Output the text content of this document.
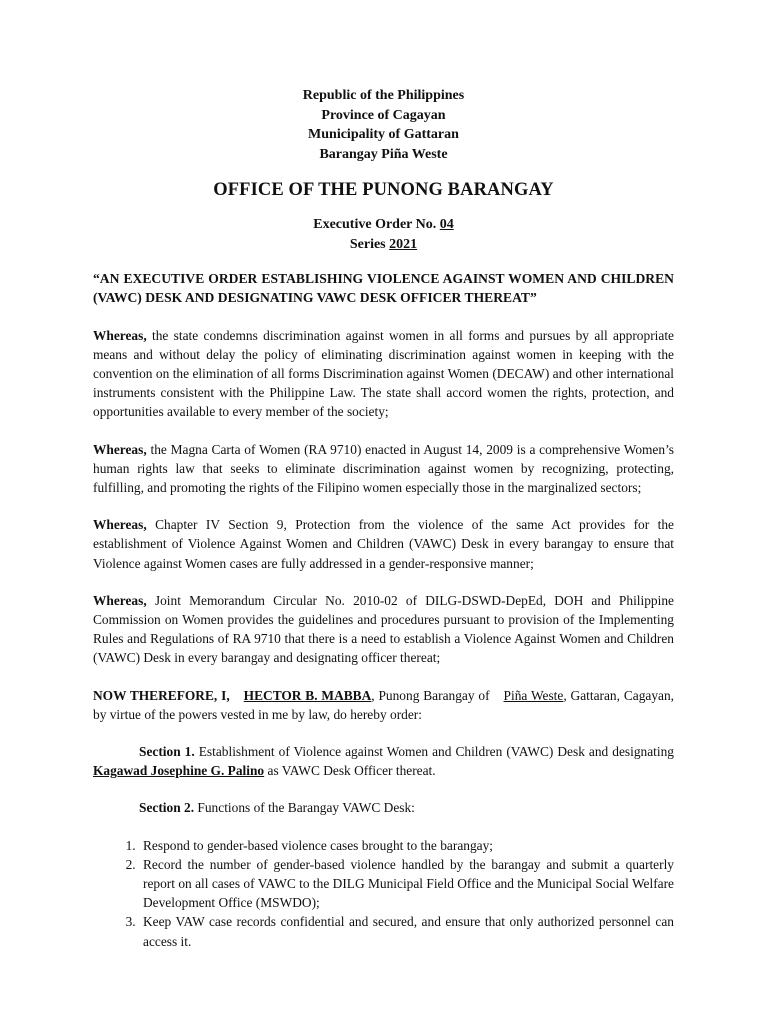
Republic of the Philippines
Province of Cagayan
Municipality of Gattaran
Barangay Piña Weste
OFFICE OF THE PUNONG BARANGAY
Executive Order No. 04
Series 2021

“AN EXECUTIVE ORDER ESTABLISHING VIOLENCE AGAINST WOMEN AND CHILDREN (VAWC) DESK AND DESIGNATING VAWC DESK OFFICER THEREAT”

Whereas, the state condemns discrimination against women in all forms and pursues by all appropriate means and without delay the policy of eliminating discrimination against women in keeping with the convention on the elimination of all forms Discrimination against Women (DECAW) and other international instruments consistent with the Philippine Law. The state shall accord women the rights, protection, and opportunities available to every member of the society;

Whereas, the Magna Carta of Women (RA 9710) enacted in August 14, 2009 is a comprehensive Women’s human rights law that seeks to eliminate discrimination against women by recognizing, protecting, fulfilling, and promoting the rights of the Filipino women especially those in the marginalized sectors;

Whereas, Chapter IV Section 9, Protection from the violence of the same Act provides for the establishment of Violence Against Women and Children (VAWC) Desk in every barangay to ensure that Violence against Women cases are fully addressed in a gender-responsive manner;

Whereas, Joint Memorandum Circular No. 2010-02 of DILG-DSWD-DepEd, DOH and Philippine Commission on Women provides the guidelines and procedures pursuant to provision of the Implementing Rules and Regulations of RA 9710 that there is a need to establish a Violence Against Women and Children (VAWC) Desk in every barangay and designating officer thereat;

NOW THEREFORE, I, HECTOR B. MABBA, Punong Barangay of Piña Weste, Gattaran, Cagayan, by virtue of the powers vested in me by law, do hereby order:

Section 1. Establishment of Violence against Women and Children (VAWC) Desk and designating Kagawad Josephine G. Palino as VAWC Desk Officer thereat.

Section 2. Functions of the Barangay VAWC Desk:

1. Respond to gender-based violence cases brought to the barangay;
2. Record the number of gender-based violence handled by the barangay and submit a quarterly report on all cases of VAWC to the DILG Municipal Field Office and the Municipal Social Welfare Development Office (MSWDO);
3. Keep VAW case records confidential and secured, and ensure that only authorized personnel can access it.
